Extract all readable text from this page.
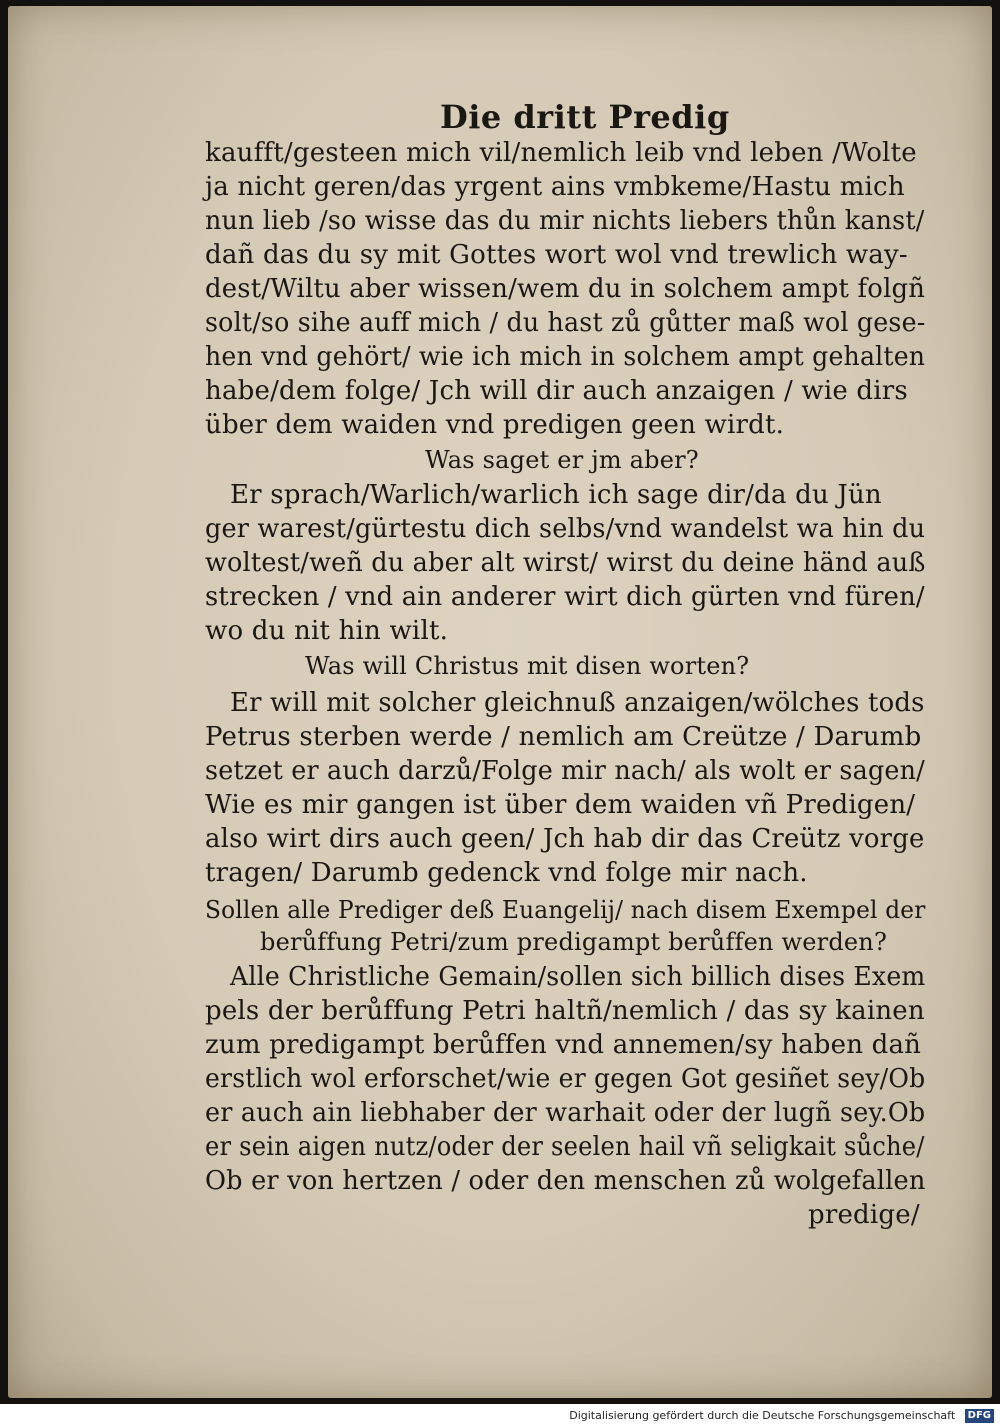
Die dritt Predig
kaufft/gesteen mich vil/nemlich leib vnd leben /Wolte
ja nicht geren/das yrgent ains vmbkeme/Hastu mich
nun lieb /so wisse das du mir nichts liebers thůn kanst/
dañ das du sy mit Gottes wort wol vnd trewlich way-
dest/Wiltu aber wissen/wem du in solchem ampt folgñ
solt/so sihe auff mich / du hast zů gůtter maß wol gese-
hen vnd gehört/ wie ich mich in solchem ampt gehalten
habe/dem folge/ Jch will dir auch anzaigen / wie dirs
über dem waiden vnd predigen geen wirdt.
Was saget er jm aber?
Er sprach/Warlich/warlich ich sage dir/da du Jün
ger warest/gürtestu dich selbs/vnd wandelst wa hin du
woltest/weñ du aber alt wirst/ wirst du deine händ auß
strecken / vnd ain anderer wirt dich gürten vnd füren/
wo du nit hin wilt.
Was will Christus mit disen worten?
Er will mit solcher gleichnuß anzaigen/wölches tods
Petrus sterben werde / nemlich am Creütze / Darumb
setzet er auch darzů/Folge mir nach/ als wolt er sagen/
Wie es mir gangen ist über dem waiden vñ Predigen/
also wirt dirs auch geen/ Jch hab dir das Creütz vorge
tragen/ Darumb gedenck vnd folge mir nach.
Sollen alle Prediger deß Euangelij/ nach disem Exempel der
berůffung Petri/zum predigampt berůffen werden?
Alle Christliche Gemain/sollen sich billich dises Exem
pels der berůffung Petri haltñ/nemlich / das sy kainen
zum predigampt berůffen vnd annemen/sy haben dañ
erstlich wol erforschet/wie er gegen Got gesiñet sey/Ob
er auch ain liebhaber der warhait oder der lugñ sey.Ob
er sein aigen nutz/oder der seelen hail vñ seligkait sůche/
Ob er von hertzen / oder den menschen zů wolgefallen
predige/
Digitalisierung gefördert durch die Deutsche Forschungsgemeinschaft DFG
